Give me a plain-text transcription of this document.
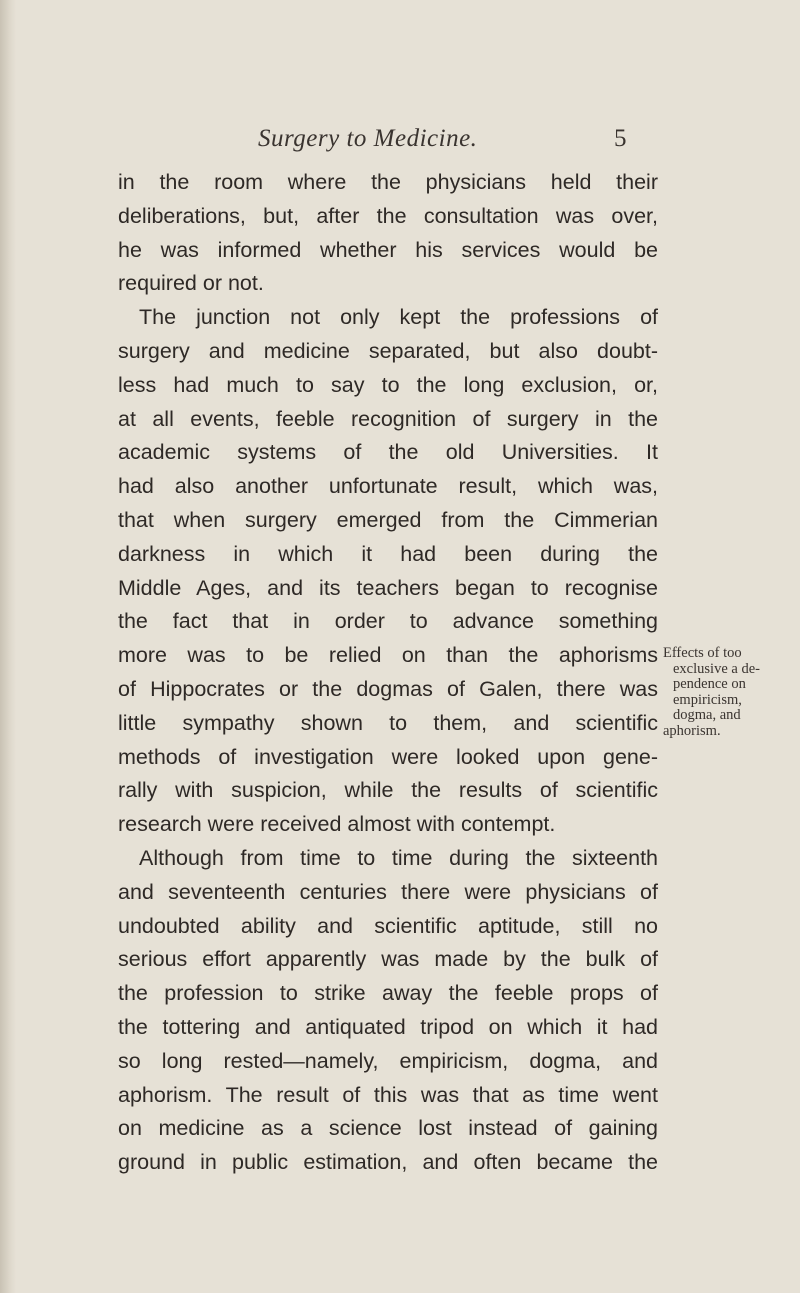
Surgery to Medicine.	5
in the room where the physicians held their
deliberations, but, after the consultation was over,
he was informed whether his services would be
required or not.
The junction not only kept the professions of
surgery and medicine separated, but also doubt-
less had much to say to the long exclusion, or,
at all events, feeble recognition of surgery in the
academic systems of the old Universities. It
had also another unfortunate result, which was,
that when surgery emerged from the Cimmerian
darkness in which it had been during the
Middle Ages, and its teachers began to recognise
the fact that in order to advance something
more was to be relied on than the aphorisms
of Hippocrates or the dogmas of Galen, there was
little sympathy shown to them, and scientific
methods of investigation were looked upon gene-
rally with suspicion, while the results of scientific
research were received almost with contempt.
Although from time to time during the sixteenth
and seventeenth centuries there were physicians of
undoubted ability and scientific aptitude, still no
serious effort apparently was made by the bulk of
the profession to strike away the feeble props of
the tottering and antiquated tripod on which it had
so long rested—namely, empiricism, dogma, and
aphorism. The result of this was that as time went
on medicine as a science lost instead of gaining
ground in public estimation, and often became the
Effects of too
exclusive a de-
pendence on
empiricism,
dogma, and
aphorism.
